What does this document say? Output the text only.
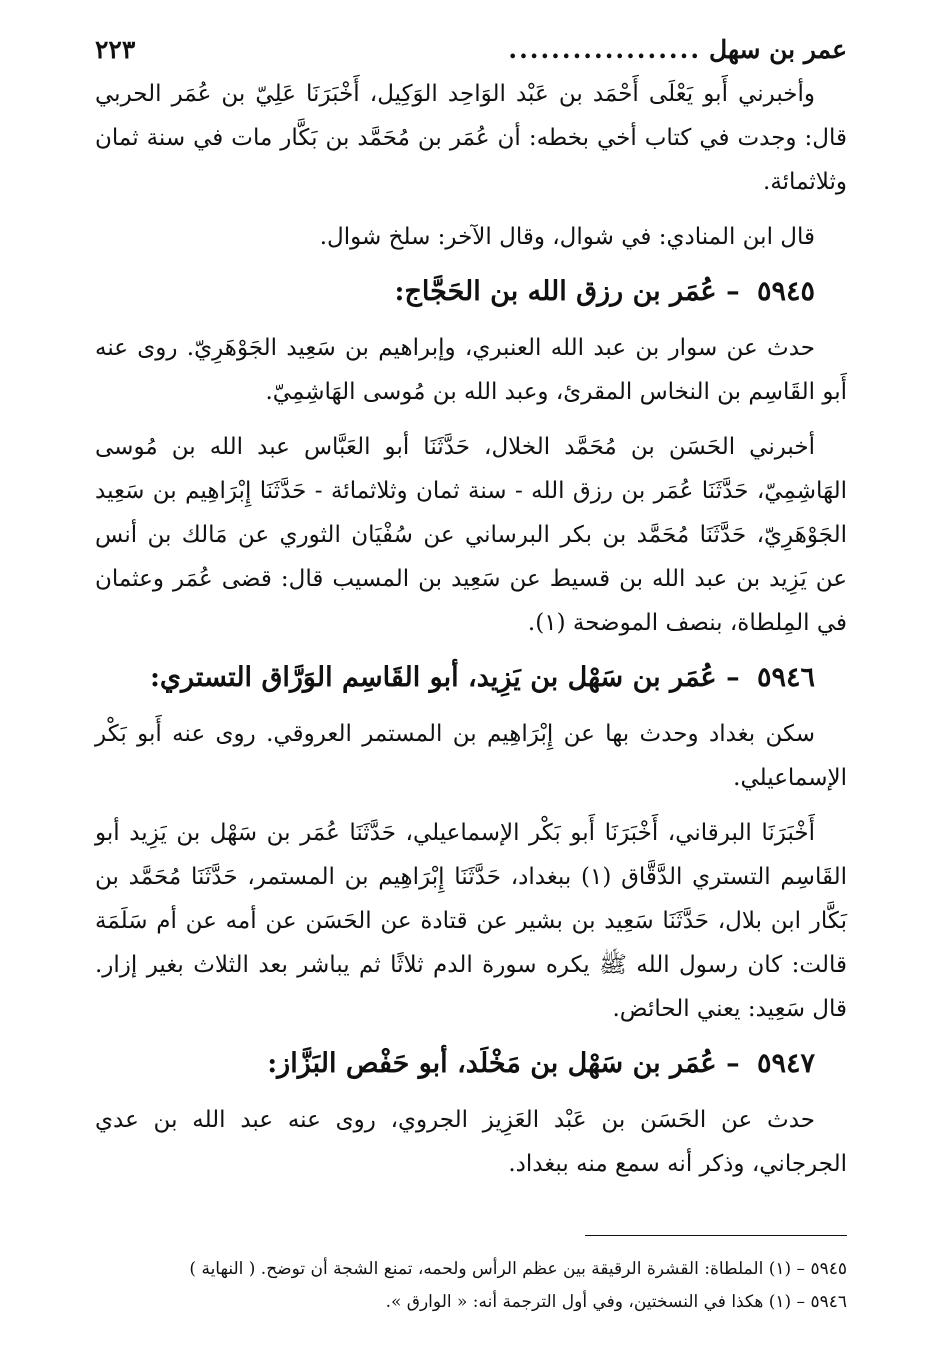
عمر بن سهل
..................
٢٢٣

وأخبرني أَبو يَعْلَى أَحْمَد بن عَبْد الوَاحِد الوَكِيل، أَخْبَرَنَا عَلِيّ بن عُمَر الحربي قال: وجدت في كتاب أخي بخطه: أن عُمَر بن مُحَمَّد بن بَكَّار مات في سنة ثمان وثلاثمائة.

قال ابن المنادي: في شوال، وقال الآخر: سلخ شوال.

٥٩٤٥ – عُمَر بن رزق الله بن الحَجَّاج:

حدث عن سوار بن عبد الله العنبري، وإبراهيم بن سَعِيد الجَوْهَرِيّ. روى عنه أَبو القَاسِم بن النخاس المقرئ، وعبد الله بن مُوسى الهَاشِمِيّ.

أخبرني الحَسَن بن مُحَمَّد الخلال، حَدَّثَنَا أبو العَبَّاس عبد الله بن مُوسى الهَاشِمِيّ، حَدَّثَنَا عُمَر بن رزق الله - سنة ثمان وثلاثمائة - حَدَّثَنَا إِبْرَاهِيم بن سَعِيد الجَوْهَرِيّ، حَدَّثَنَا مُحَمَّد بن بكر البرساني عن سُفْيَان الثوري عن مَالك بن أنس عن يَزِيد بن عبد الله بن قسيط عن سَعِيد بن المسيب قال: قضى عُمَر وعثمان في المِلطاة، بنصف الموضحة (١).

٥٩٤٦ – عُمَر بن سَهْل بن يَزِيد، أبو القَاسِم الوَرَّاق التستري:

سكن بغداد وحدث بها عن إِبْرَاهِيم بن المستمر العروقي. روى عنه أَبو بَكْر الإسماعيلي.

أَخْبَرَنَا البرقاني، أَخْبَرَنَا أَبو بَكْر الإسماعيلي، حَدَّثَنَا عُمَر بن سَهْل بن يَزِيد أبو القَاسِم التستري الدَّقَّاق (١) ببغداد، حَدَّثَنَا إِبْرَاهِيم بن المستمر، حَدَّثَنَا مُحَمَّد بن بَكَّار ابن بلال، حَدَّثَنَا سَعِيد بن بشير عن قتادة عن الحَسَن عن أمه عن أم سَلَمَة قالت: كان رسول الله ﷺ يكره سورة الدم ثلاثًا ثم يباشر بعد الثلاث بغير إزار. قال سَعِيد: يعني الحائض.

٥٩٤٧ – عُمَر بن سَهْل بن مَخْلَد، أبو حَفْص البَزَّاز:

حدث عن الحَسَن بن عَبْد العَزِيز الجروي، روى عنه عبد الله بن عدي الجرجاني، وذكر أنه سمع منه ببغداد.

٥٩٤٥ – (١) الملطاة: القشرة الرقيقة بين عظم الرأس ولحمه، تمنع الشجة أن توضح. ( النهاية )

٥٩٤٦ – (١) هكذا في النسختين، وفي أول الترجمة أنه: « الوارق ».
